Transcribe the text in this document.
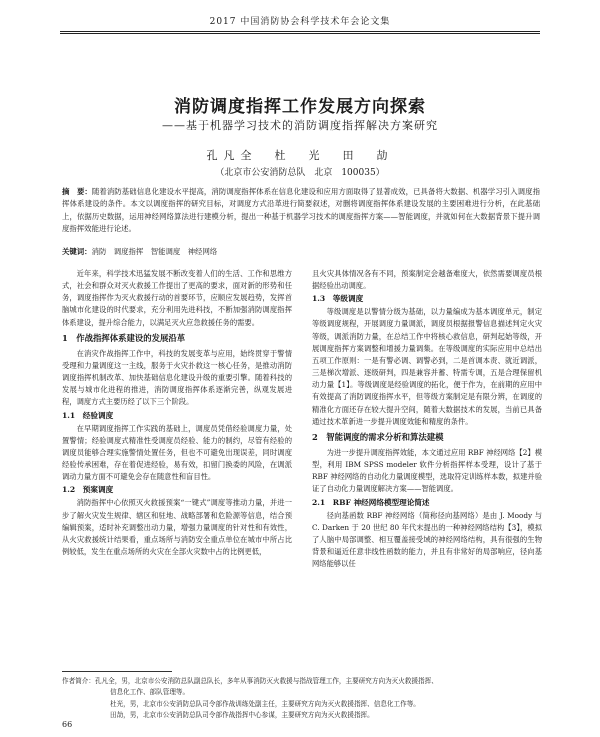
2017 中国消防协会科学技术年会论文集
消防调度指挥工作发展方向探索
——基于机器学习技术的消防调度指挥解决方案研究
孔凡全　杜　光　田　劼
（北京市公安消防总队　北京　100035）
摘　要：随着消防基础信息化建设水平提高，消防调度指挥体系在信息化建设和应用方面取得了显著成效，已具备将大数据、机器学习引入调度指挥体系建设的条件。本文以调度指挥的研究目标，对调度方式沿革进行简要叙述，对删将调度指挥体系建设发展的主要困难进行分析，在此基础上，依据历史数据，运用神经网络算法进行建模分析，提出一种基于机器学习技术的调度指挥方案——智能调度，并就如何在大数据背景下提升调度指挥效能进行论述。
关键词：消防　调度指挥　智能调度　神经网络

近年来，科学技术迅猛发展不断改变着人们的生活、工作和思维方式，社会和群众对灭火救援工作提出了更高的要求，面对新的形势和任务，调度指挥作为灭火救援行动的首要环节，应顺应发展趋势，发挥首脑城市化建设的时代要求，充分利用先进科技，不断加强消防调度指挥体系建设，提升综合能力，以满足灭火应急救援任务的需要。

1　作战指挥体系建设的发展沿革

在消灾作战指挥工作中，科技的发展变革与应用，始终贯穿于警情受理和力量调度这一主线，服务于火灾扑救这一核心任务，是推动消防调度指挥机制改革、加快基础信息化建设升级的重要引擎。随着科技的发展与城市化进程的推进，消防调度指挥体系逐渐完善，纵观发展进程，调度方式主要历经了以下三个阶段。

1.1　经验调度

在早期调度指挥工作实践的基础上，调度员凭借经验调度力量，处置警情；经验调度式精准性受调度员经验、能力的制约，尽管有经验的调度员能够合理实施警情处置任务，但也不可避免出现误差，同时调度经验传承困难，存在着促进经验，易有效，扣留门换委的风险，在调派调动力量方面不可避免会存在随意性和盲目性。

1.2　预案调度

消防指挥中心依照灭火救援预案“一键式”调度等推动力量，并进一步了解火灾发生规律、辖区和驻地、战略部署和危险源等信息，结合预编辑预案，适时补充调整出动力量，增强力量调度的针对性和有效性，从火灾救援统计结果看，重点场所与消防安全重点单位在城市中所占比例较低，发生在重点场所的火灾在全部火灾数中占的比例更低，

且火灾具体情况各有不同，预案制定会越备难度大，依然需要调度员根据经验出动调度。

1.3　等级调度

等级调度是以警情分级为基础，以力量编成为基本调度单元，制定等级调度规程，开展调度力量调派，调度员根据报警信息描述判定火灾等级，调派消防力量，在总结工作中将核心救信息，研判起始等级，开展调度指挥方案调整和增援力量调集。在等级调度的实际应用中总结出五项工作原则：一是有警必调、调警必到，二是首调本责、就近调派，三是梯次增派、逐级研判，四是兼容并蓄、特需专调，五是合理保留机动力量【1】。等级调度是经验调度的拓化，便于作为，在前期的应用中有效提高了消防调度指挥水平，但等级方案制定是有限分辨，在调度的精准化方面还存在较大提升空间，随着大数据技术的发展，当前已具备通过技术革新进一步提升调度效能和精度的条件。

2　智能调度的需求分析和算法建模

为进一步提升调度指挥效能，本文通过应用 RBF 神经网络【2】模型，利用 IBM SPSS modeler 软件分析指挥样本受理，设计了基于 RBF 神经网络的自动化力量调度模型，选取符定训练样本数，拟建并验证了自动化力量调度解决方案——智能调度。

2.1　RBF 神经网络模型理论简述

径向基函数 RBF 神经网络（简称径向基网络）是由 J. Moody 与 C. Darken 于 20 世纪 80 年代末提出的一种神经网络结构【3】，模拟了人脑中局部调整、相互覆盖接受域的神经网络结构，具有很强的生物背景和逼近任意非线性函数的能力，并且有非常好的局部响应，径向基网络能够以任

作者简介：孔凡全，男，北京市公安消防总队副总队长，多年从事消防灭火救援与指战管理工作，主要研究方向为灭火救援指挥、
信息化工作、部队管理等。
杜光，男，北京市公安消防总队司令部作战训练处副主任，主要研究方向为灭火救援指挥、信息化工作等。
田劼，男，北京市公安消防总队司令部作战指挥中心参谋，主要研究方向为灭火救援指挥。
66
